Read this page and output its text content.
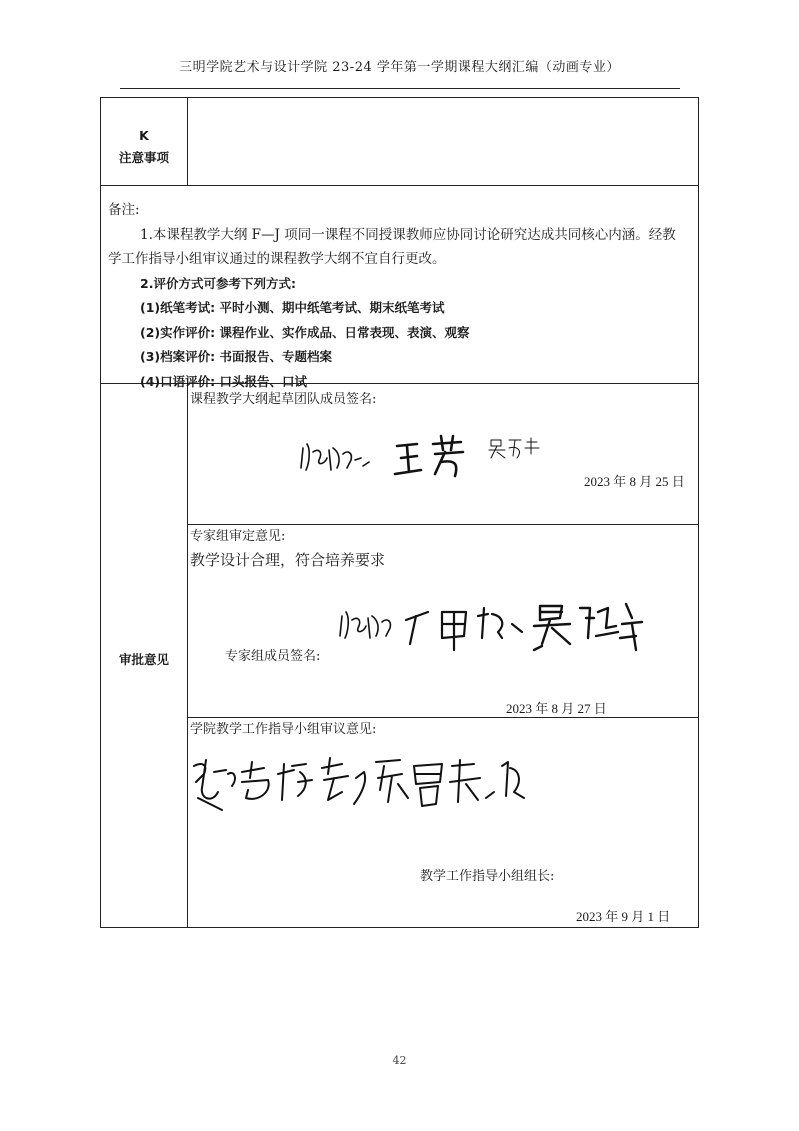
三明学院艺术与设计学院 23-24 学年第一学期课程大纲汇编（动画专业）
K
注意事项
备注:
1.本课程教学大纲 F—J 项同一课程不同授课教师应协同讨论研究达成共同核心内涵。经教
学工作指导小组审议通过的课程教学大纲不宜自行更改。
2.评价方式可参考下列方式:
(1)纸笔考试: 平时小测、期中纸笔考试、期末纸笔考试
(2)实作评价: 课程作业、实作成品、日常表现、表演、观察
(3)档案评价: 书面报告、专题档案
(4)口语评价: 口头报告、口试
审批意见
课程教学大纲起草团队成员签名:
2023 年 8 月 25 日
专家组审定意见:
教学设计合理，符合培养要求
专家组成员签名:
2023 年 8 月 27 日
学院教学工作指导小组审议意见:
教学工作指导小组组长:
2023 年 9 月 1 日
42
